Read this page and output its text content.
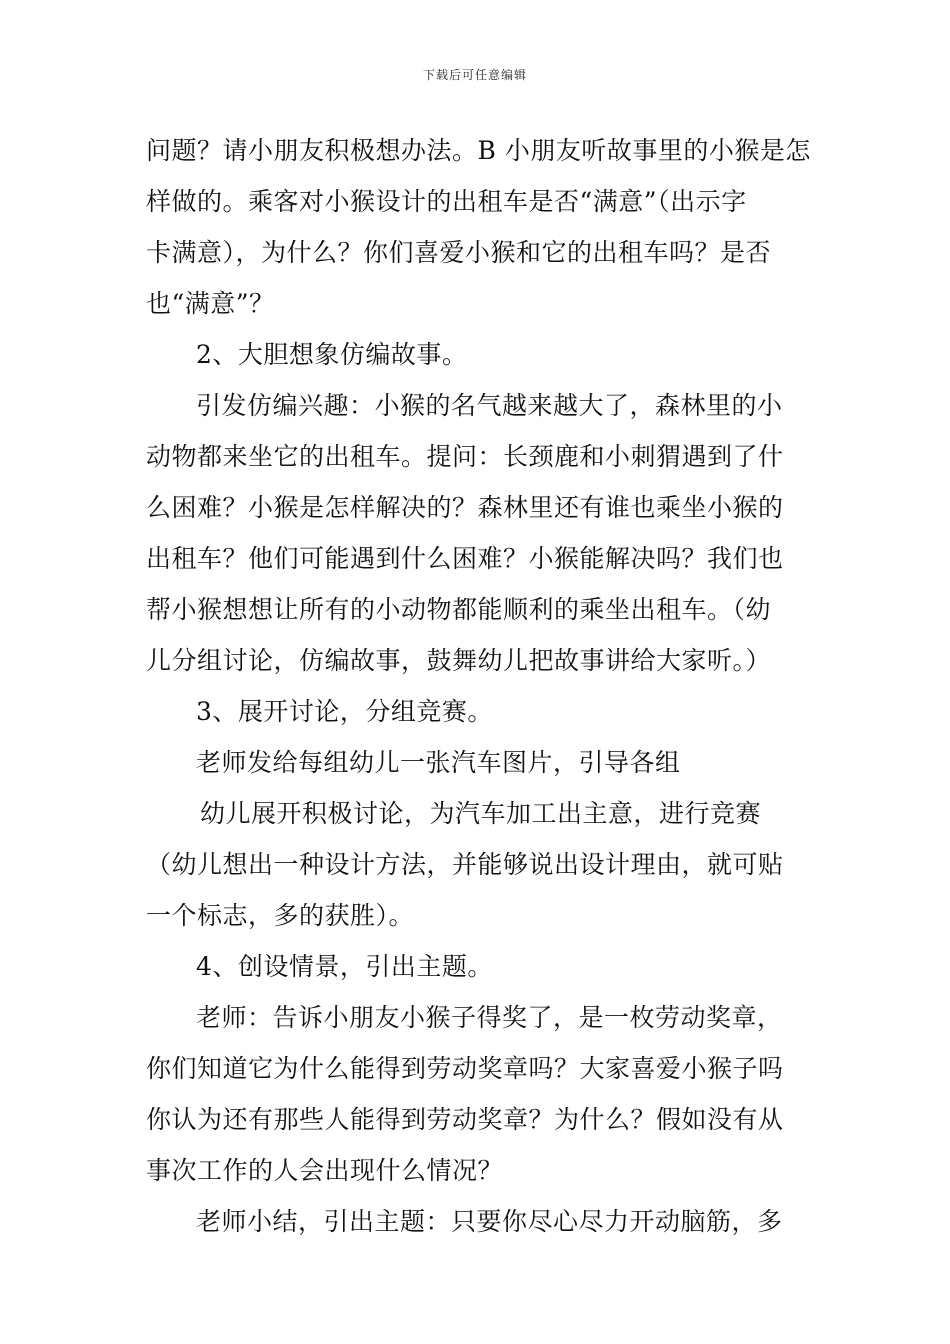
下载后可任意编辑
问题？请小朋友积极想办法。B 小朋友听故事里的小猴是怎
样做的。乘客对小猴设计的出租车是否“满意”（出示字
卡满意），为什么？你们喜爱小猴和它的出租车吗？是否
也“满意”？
2、大胆想象仿编故事。
引发仿编兴趣：小猴的名气越来越大了，森林里的小
动物都来坐它的出租车。提问：长颈鹿和小刺猬遇到了什
么困难？小猴是怎样解决的？森林里还有谁也乘坐小猴的
出租车？他们可能遇到什么困难？小猴能解决吗？我们也
帮小猴想想让所有的小动物都能顺利的乘坐出租车。（幼
儿分组讨论，仿编故事，鼓舞幼儿把故事讲给大家听。）
3、展开讨论，分组竞赛。
老师发给每组幼儿一张汽车图片，引导各组
幼儿展开积极讨论，为汽车加工出主意，进行竞赛
（幼儿想出一种设计方法，并能够说出设计理由，就可贴
一个标志，多的获胜）。
4、创设情景，引出主题。
老师：告诉小朋友小猴子得奖了，是一枚劳动奖章，
你们知道它为什么能得到劳动奖章吗？大家喜爱小猴子吗
你认为还有那些人能得到劳动奖章？为什么？假如没有从
事次工作的人会出现什么情况？
老师小结，引出主题：只要你尽心尽力开动脑筋，多
